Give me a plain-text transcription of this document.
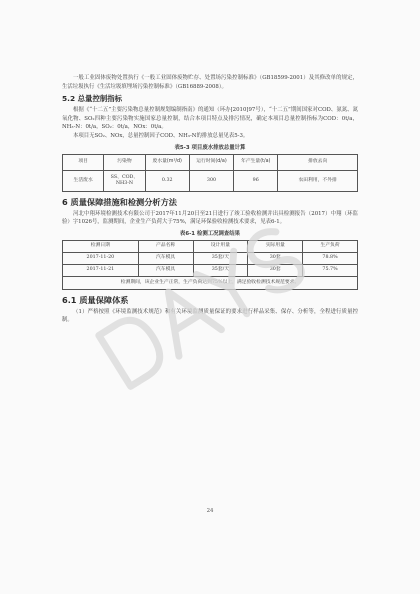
一般工业固体废物处置执行《一般工业固体废物贮存、处置场污染控制标准》（GB18599-2001）及其修改单的规定，生活垃圾执行《生活垃圾填埋场污染控制标准》（GB16889-2008）。

5.2 总量控制指标

根据《“十二五”主要污染物总量控制规划编制指南》的通知（环办[2010]97号），“十二五”期间国家对COD、氨氮、氮氧化物、SO₂四种主要污染物实施国家总量控制，结合本项目特点及排污情况，确定本项目总量控制指标为COD：0t/a，NH₃-N：0t/a，SO₂：0t/a，NOx：0t/a。

本项目无SO₂、NOx，总量控制因子COD、NH₃-N的排放总量见表5-3。

表5-3 项目废水排放总量计算
项目	污染物	废水量(m³/d)	运行时间(d/a)	年产生量(t/a)	排放去向
生活废水	SS、COD、NH3-N	0.32	300	96	农田利用，不外排
6 质量保障措施和检测分析方法

河北中翔环境检测技术有限公司于2017年11月20日至21日进行了竣工验收检测并出具检测报告（2017）中翔（环监验）字1026号，监测期间，企业生产负荷大于75%，满足环保验收检测技术要求，见表6-1。

表6-1 检测工况调查结果
检测日期	产品名称	设计用量	实际用量	生产负荷
2017-11-20	汽车模具	35套/天	30套	78.8%
2017-11-21	汽车模具	35套/天	30套	75.7%
检测期间，该企业生产正常，生产负荷达到75%以上，满足验收检测技术规范要求。				
6.1 质量保障体系

（1）严格按照《环境监测技术规范》和有关环境监测质量保证的要求进行样品采集、保存、分析等，全程进行质量控制。

24
